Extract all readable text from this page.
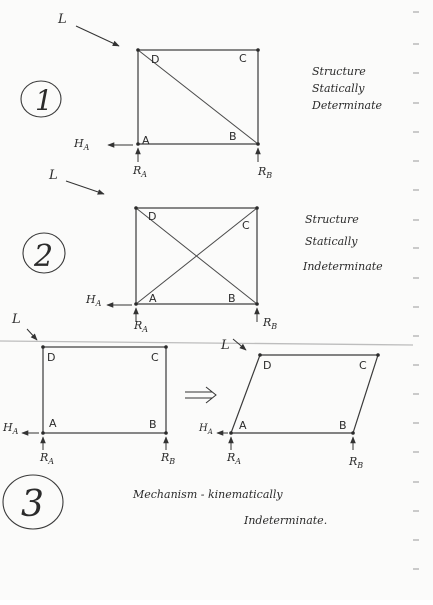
1
L
D	C
A	B
$H_A$
$R_A$	$R_B$
Structure
Statically
Determinate
2
L
D
C
A	B
$H_A$
$R_A$
$R_B$
Structure
Statically
Indeterminate
3
L
D	C
A	B
$H_A$
$R_A$	$R_B$
L
D	C
A	B
$H_A$
$R_A$	$R_B$
Mechanism - kinematically
Indeterminate.
